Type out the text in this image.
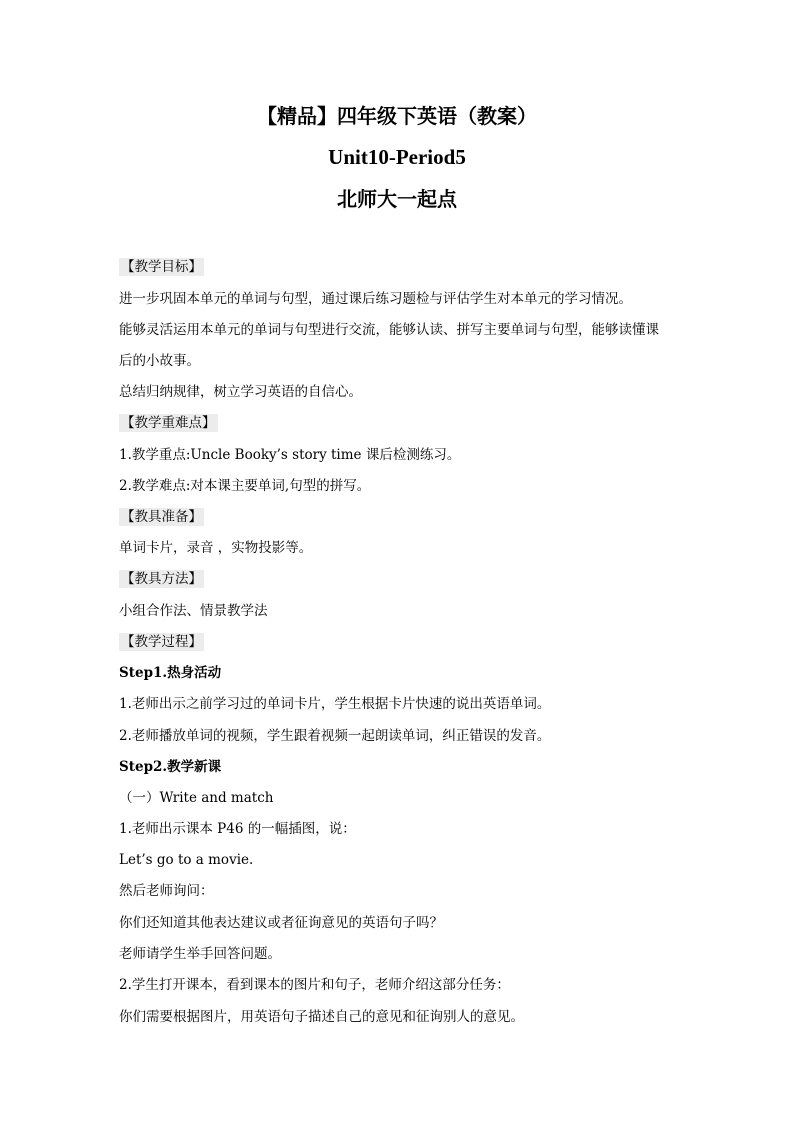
【精品】四年级下英语（教案）
Unit10-Period5
北师大一起点
【教学目标】
进一步巩固本单元的单词与句型，通过课后练习题检与评估学生对本单元的学习情况。
能够灵活运用本单元的单词与句型进行交流，能够认读、拼写主要单词与句型，能够读懂课
后的小故事。
总结归纳规律，树立学习英语的自信心。
【教学重难点】
1.教学重点:Uncle Booky’s story time 课后检测练习。
2.教学难点:对本课主要单词,句型的拼写。
【教具准备】
单词卡片，录音 ，实物投影等。
【教具方法】
小组合作法、情景教学法
【教学过程】
Step1.热身活动
1.老师出示之前学习过的单词卡片，学生根据卡片快速的说出英语单词。
2.老师播放单词的视频，学生跟着视频一起朗读单词，纠正错误的发音。
Step2.教学新课
（一）Write and match
1.老师出示课本 P46 的一幅插图，说：
Let’s go to a movie.
然后老师询问：
你们还知道其他表达建议或者征询意见的英语句子吗？
老师请学生举手回答问题。
2.学生打开课本，看到课本的图片和句子，老师介绍这部分任务：
你们需要根据图片，用英语句子描述自己的意见和征询别人的意见。
